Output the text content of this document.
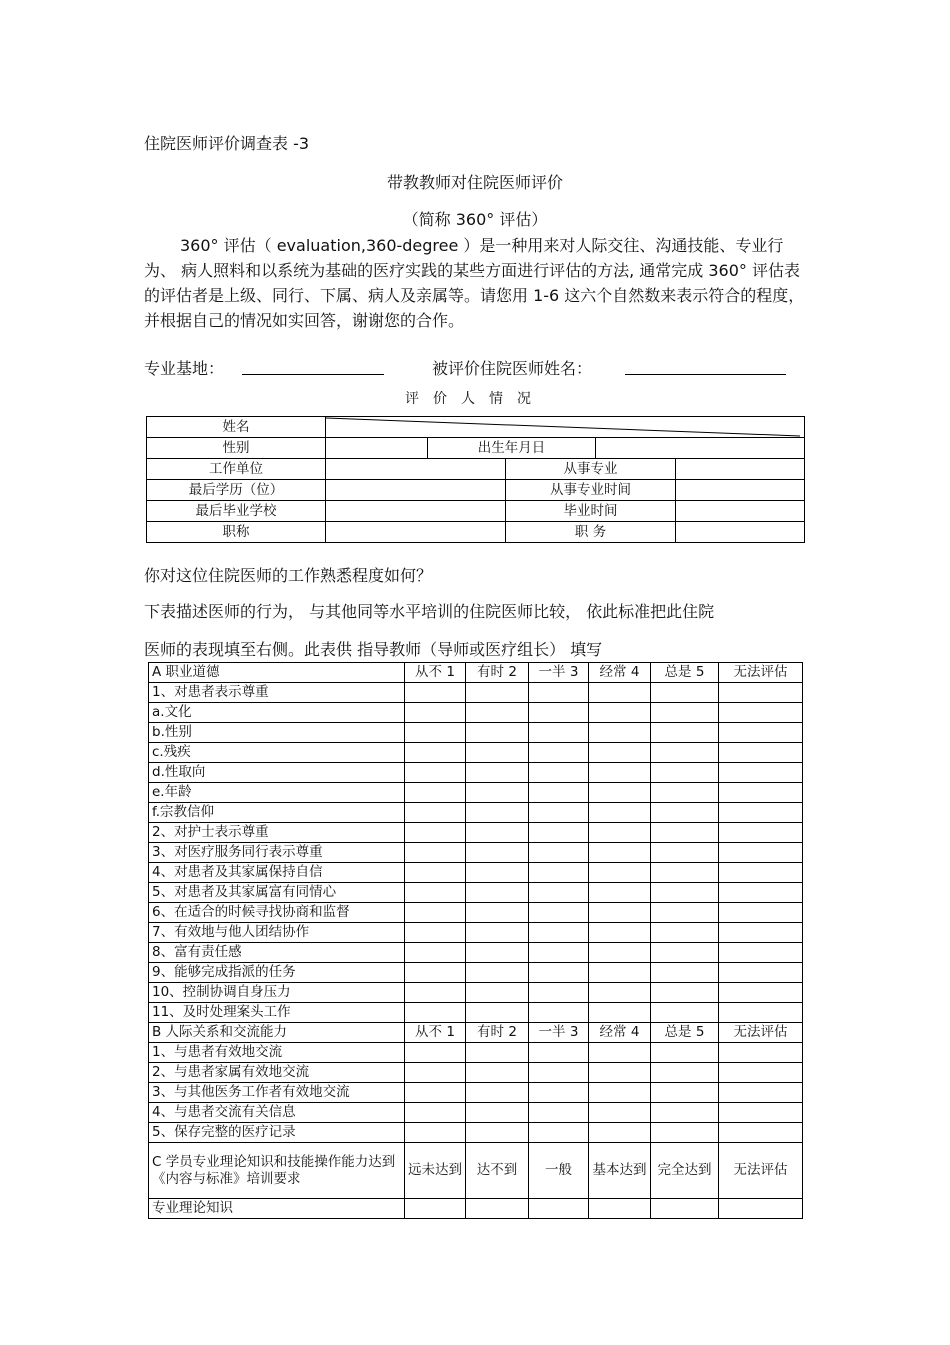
住院医师评价调查表 -3
带教教师对住院医师评价
（简称 360° 评估）

360° 评估（ evaluation,360-degree ）是一种用来对人际交往、沟通技能、专业行为、 病人照料和以系统为基础的医疗实践的某些方面进行评估的方法, 通常完成 360° 评估表的评估者是上级、同行、下属、病人及亲属等。请您用 1-6 这六个自然数来表示符合的程度，并根据自己的情况如实回答，谢谢您的合作。

专业基地：	被评价住院医师姓名：
评价人情况
姓名	

性别		出生年月日			
工作单位			从事专业		
最后学历（位）			从事专业时间		
最后毕业学校			毕业时间		
职称			职 务		
你对这位住院医师的工作熟悉程度如何？
下表描述医师的行为， 与其他同等水平培训的住院医师比较， 依此标准把此住院
医师的表现填至右侧。此表供 指导教师（导师或医疗组长） 填写
A 职业道德	从不 1	有时 2	一半 3	经常 4	总是 5	无法评估
1、对患者表示尊重						
a.文化						
b.性别						
c.残疾						
d.性取向						
e.年龄						
f.宗教信仰						
2、对护士表示尊重						
3、对医疗服务同行表示尊重						
4、对患者及其家属保持自信						
5、对患者及其家属富有同情心						
6、在适合的时候寻找协商和监督						
7、有效地与他人团结协作						
8、富有责任感						
9、能够完成指派的任务						
10、控制协调自身压力						
11、及时处理案头工作						
B 人际关系和交流能力	从不 1	有时 2	一半 3	经常 4	总是 5	无法评估
1、与患者有效地交流						
2、与患者家属有效地交流						
3、与其他医务工作者有效地交流						
4、与患者交流有关信息						
5、保存完整的医疗记录						
C 学员专业理论知识和技能操作能力达到《内容与标准》培训要求	远未达到	达不到	一般	基本达到	完全达到	无法评估
专业理论知识						
